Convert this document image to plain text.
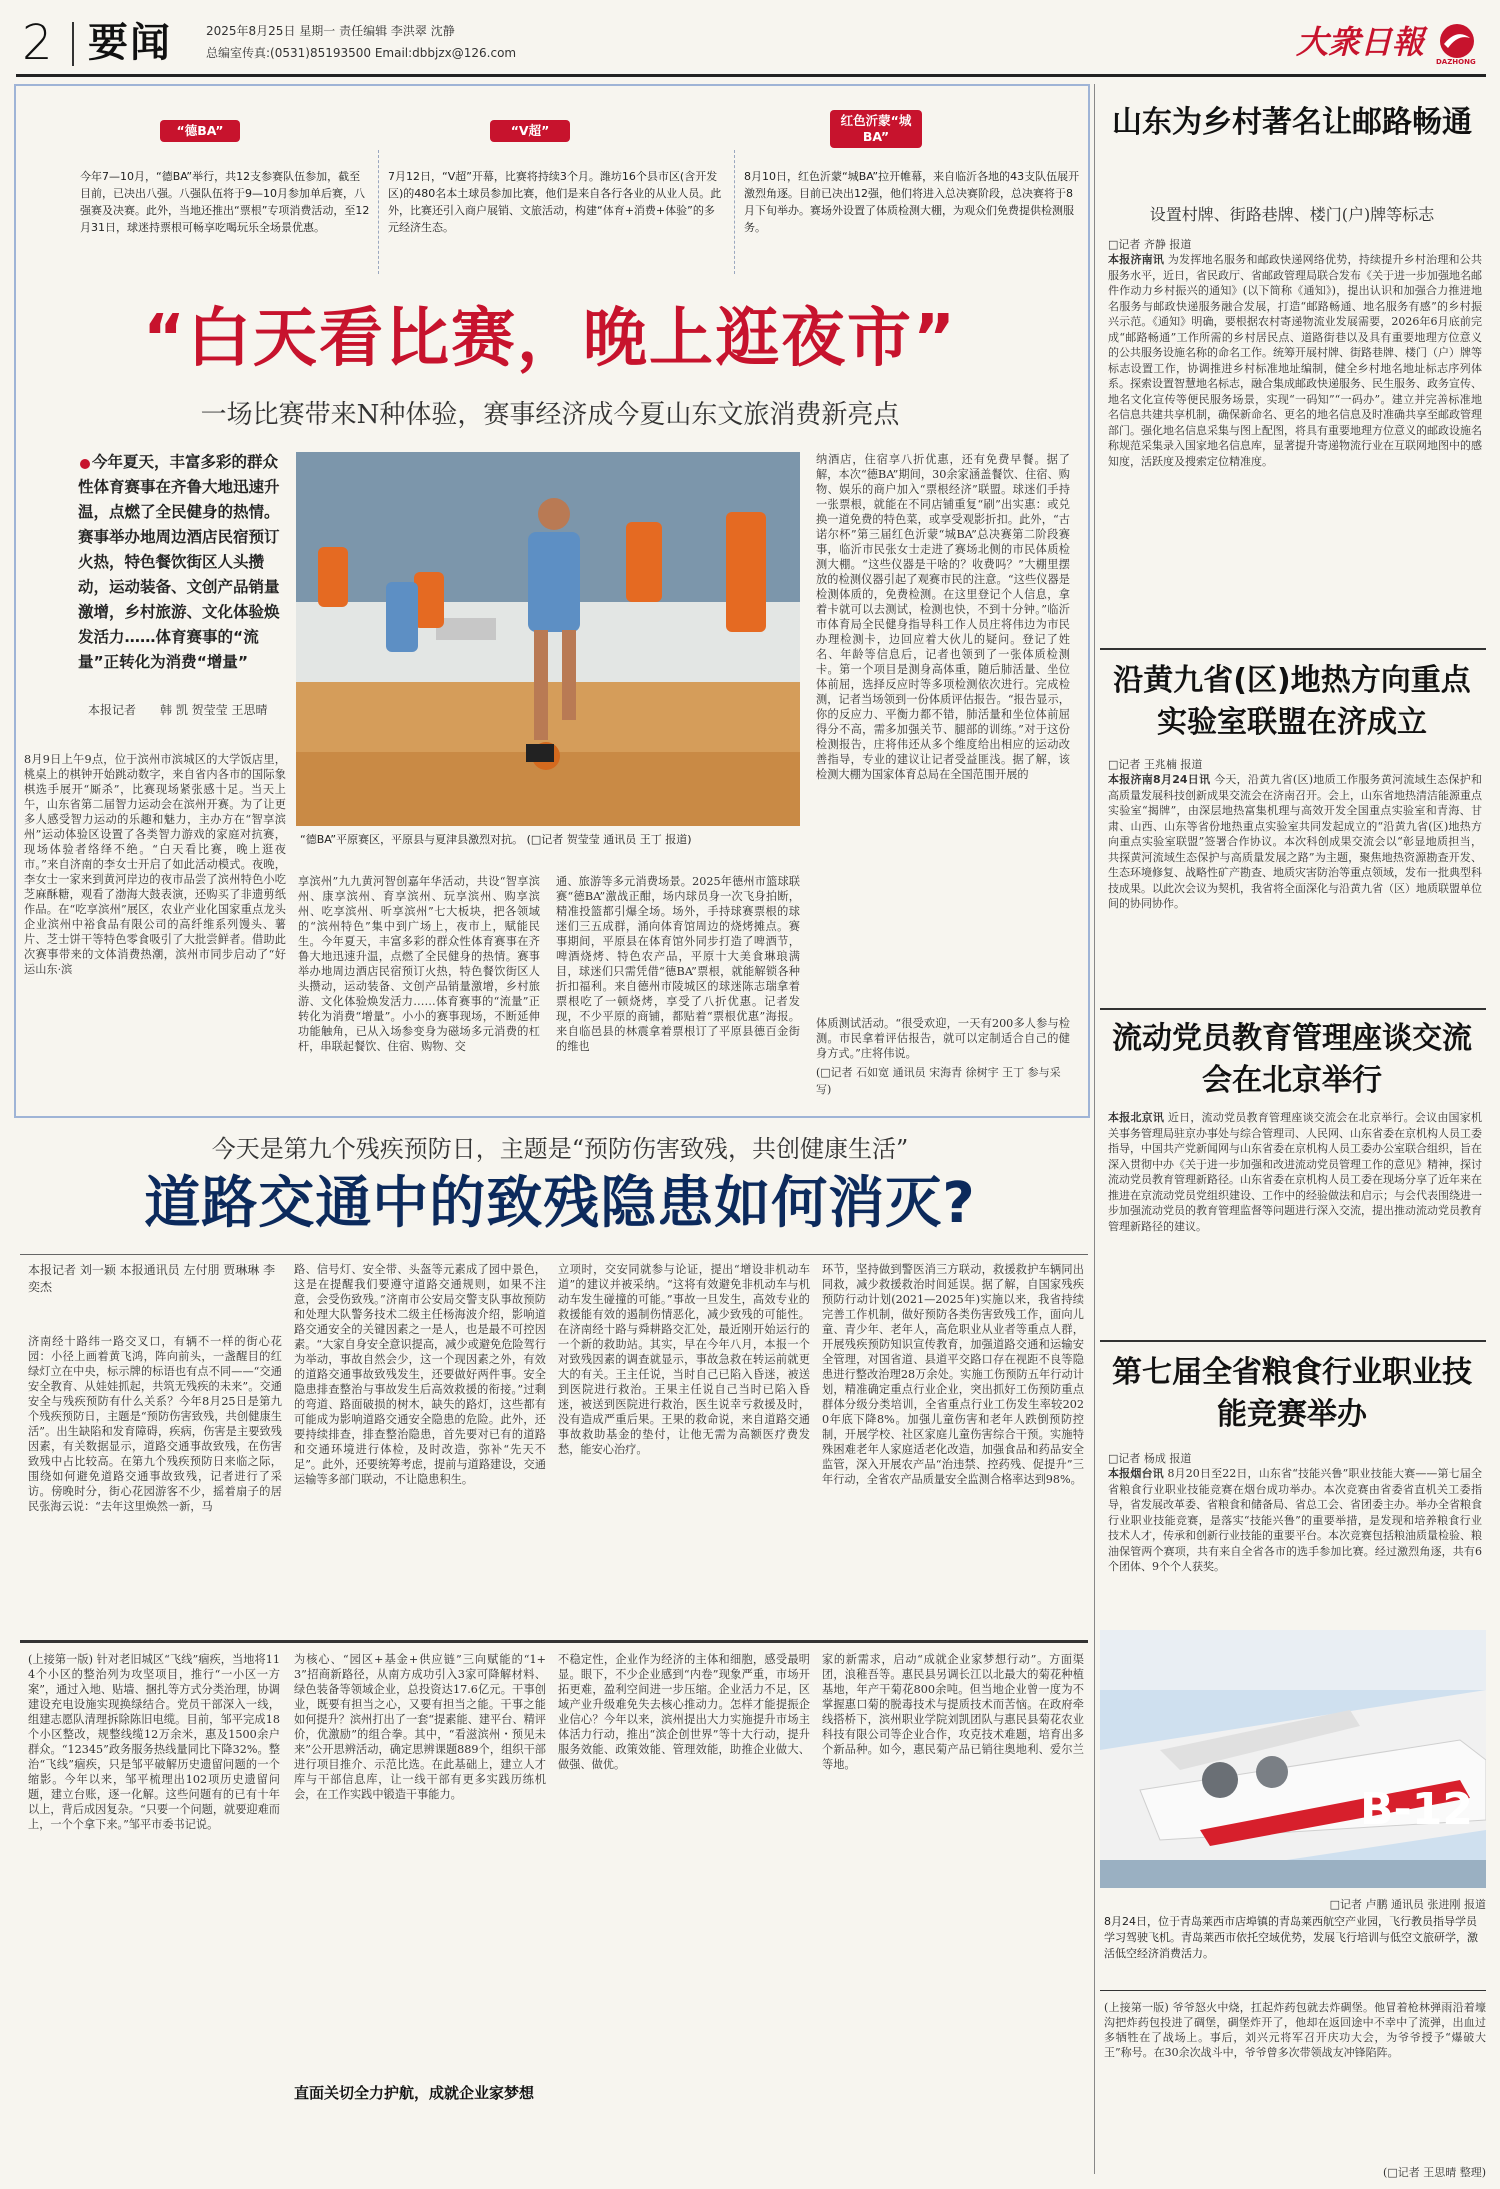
2 要闻	2025年8月25日 星期一 责任编辑 李洪翠 沈静
总编室传真:(0531)85193500 Email:dbbjzx@126.com	大衆日報
DAZHONG
“德BA”	“V超”
红色沂蒙“城BA”
今年7—10月，“德BA”举行，共12支参赛队伍参加，截至目前，已决出八强。八强队伍将于9—10月参加单后赛，八强赛及决赛。此外，当地还推出“票根”专项消费活动，至12月31日，球迷持票根可畅享吃喝玩乐全场景优惠。
7月12日，“V超”开幕，比赛将持续3个月。潍坊16个县市区(含开发区)的480名本土球员参加比赛，他们是来自各行各业的从业人员。此外，比赛还引入商户展销、文旅活动，构建“体育+消费+体验”的多元经济生态。
8月10日，红色沂蒙“城BA”拉开帷幕，来自临沂各地的43支队伍展开激烈角逐。目前已决出12强，他们将进入总决赛阶段，总决赛将于8月下旬举办。赛场外设置了体质检测大棚，为观众们免费提供检测服务。
“白天看比赛，晚上逛夜市”
一场比赛带来N种体验，赛事经济成今夏山东文旅消费新亮点
今年夏天，丰富多彩的群众性体育赛事在齐鲁大地迅速升温，点燃了全民健身的热情。赛事举办地周边酒店民宿预订火热，特色餐饮街区人头攒动，运动装备、文创产品销量激增，乡村旅游、文化体验焕发活力……体育赛事的“流量”正转化为消费“增量”
本报记者	韩 凯 贺莹莹 王思晴
8月9日上午9点，位于滨州市滨城区的大学饭店里，桃桌上的棋钟开始跳动数字，来自省内各市的国际象棋选手展开“厮杀”，比赛现场紧张感十足。当天上午，山东省第二届智力运动会在滨州开赛。为了让更多人感受智力运动的乐趣和魅力，主办方在“智享滨州”运动体验区设置了各类智力游戏的家庭对抗赛，现场体验者络绎不绝。“白天看比赛，晚上逛夜市。”来自济南的李女士开启了如此活动模式。夜晚，李女士一家来到黄河岸边的夜市品尝了滨州特色小吃芝麻酥糖，观看了渤海大鼓表演，还购买了非遗剪纸作品。在“吃享滨州”展区，农业产业化国家重点龙头企业滨州中裕食品有限公司的高纤维系列馒头、薯片、芝士饼干等特色零食吸引了大批尝鲜者。借助此次赛事带来的文体消费热潮，滨州市同步启动了“好运山东·滨
“德BA”平原赛区，平原县与夏津县激烈对抗。 (□记者 贺莹莹 通讯员 王丁 报道)
享滨州”九九黄河智创嘉年华活动，共设“智享滨州、康享滨州、育享滨州、玩享滨州、购享滨州、吃享滨州、听享滨州”七大板块，把各领域的“滨州特色”集中到广场上，夜市上，赋能民生。今年夏天，丰富多彩的群众性体育赛事在齐鲁大地迅速升温，点燃了全民健身的热情。赛事举办地周边酒店民宿预订火热，特色餐饮街区人头攒动，运动装备、文创产品销量激增，乡村旅游、文化体验焕发活力……体育赛事的“流量”正转化为消费“增量”。小小的赛事现场，不断延伸功能触角，已从入场参变身为磁场多元消费的杠杆，串联起餐饮、住宿、购物、交
通、旅游等多元消费场景。2025年德州市篮球联赛“德BA”激战正酣，场内球员身一次飞身拍断，精准投篮都引爆全场。场外，手持球赛票根的球迷们三五成群，涌向体育馆周边的烧烤摊点。赛事期间，平原县在体育馆外同步打造了啤酒节，啤酒烧烤、特色农产品，平原十大美食琳琅满目，球迷们只需凭借“德BA”票根，就能解锁各种折扣福利。来自德州市陵城区的球迷陈志瑞拿着票根吃了一顿烧烤，享受了八折优惠。记者发现，不少平原的商铺，都贴着“票根优惠”海报。来自临邑县的林震拿着票根订了平原县德百金街的维也
纳酒店，住宿享八折优惠，还有免费早餐。据了解，本次“德BA”期间，30余家涵盖餐饮、住宿、购物、娱乐的商户加入“票根经济”联盟。球迷们手持一张票根，就能在不同店铺重复“刷”出实惠：或兑换一道免费的特色菜，或享受观影折扣。此外，“古诺尔杯”第三届红色沂蒙“城BA”总决赛第二阶段赛事，临沂市民张女士走进了赛场北侧的市民体质检测大棚。“这些仪器是干啥的？收费吗？”大棚里摆放的检测仪器引起了观赛市民的注意。“这些仪器是检测体质的，免费检测。在这里登记个人信息，拿着卡就可以去测试，检测也快，不到十分钟。”临沂市体育局全民健身指导科工作人员庄将伟边为市民办理检测卡，边回应着大伙儿的疑问。登记了姓名、年龄等信息后，记者也领到了一张体质检测卡。第一个项目是测身高体重，随后肺活量、坐位体前屈，选择反应时等多项检测依次进行。完成检测，记者当场领到一份体质评估报告。“报告显示，你的反应力、平衡力都不错，肺活量和坐位体前屈得分不高，需多加强关节、腿部的训练。”对于这份检测报告，庄将伟还从多个维度给出相应的运动改善指导，专业的建议让记者受益匪浅。据了解，该检测大棚为国家体育总局在全国范围开展的
体质测试活动。“很受欢迎，一天有200多人参与检测。市民拿着评估报告，就可以定制适合自己的健身方式。”庄将伟说。
(□记者 石如宽 通讯员 宋海青 徐树宇 王丁 参与采写)
山东为乡村著名让邮路畅通
设置村牌、街路巷牌、楼门(户)牌等标志
□记者 齐静 报道
本报济南讯 为发挥地名服务和邮政快递网络优势，持续提升乡村治理和公共服务水平，近日，省民政厅、省邮政管理局联合发布《关于进一步加强地名邮件作动力乡村振兴的通知》(以下简称《通知》)，提出认识和加强合力推进地名服务与邮政快递服务融合发展，打造“邮路畅通、地名服务有感”的乡村振兴示范。《通知》明确，要根据农村寄递物流业发展需要，2026年6月底前完成“邮路畅通”工作所需的乡村居民点、道路街巷以及具有重要地理方位意义的公共服务设施名称的命名工作。统筹开展村牌、街路巷牌、楼门（户）牌等标志设置工作，协调推进乡村标准地址编制，健全乡村地名地址标志序列体系。探索设置智慧地名标志，融合集成邮政快递服务、民生服务、政务宣传、地名文化宣传等便民服务场景，实现“一码知”“一码办”。建立并完善标准地名信息共建共享机制，确保新命名、更名的地名信息及时准确共享至邮政管理部门。强化地名信息采集与图上配图，将具有重要地理方位意义的邮政设施名称规范采集录入国家地名信息库，显著提升寄递物流行业在互联网地图中的感知度，活跃度及搜索定位精准度。
沿黄九省(区)地热方向重点实验室联盟在济成立
□记者 王兆楠 报道
本报济南8月24日讯 今天，沿黄九省(区)地质工作服务黄河流域生态保护和高质量发展科技创新成果交流会在济南召开。会上，山东省地热清洁能源重点实验室“揭牌”，由深层地热富集机理与高效开发全国重点实验室和青海、甘肃、山西、山东等省份地热重点实验室共同发起成立的“沿黄九省(区)地热方向重点实验室联盟”签署合作协议。本次科创成果交流会以“彰显地质担当，共探黄河流域生态保护与高质量发展之路”为主题，聚焦地热资源勘查开发、生态环境修复、战略性矿产勘查、地质灾害防治等重点领域，发布一批典型科技成果。以此次会议为契机，我省将全面深化与沿黄九省（区）地质联盟单位间的协同协作。
流动党员教育管理座谈交流会在北京举行
本报北京讯 近日，流动党员教育管理座谈交流会在北京举行。会议由国家机关事务管理局驻京办事处与综合管理司、人民网、山东省委在京机构人员工委指导，中国共产党新闻网与山东省委在京机构人员工委办公室联合组织，旨在深入贯彻中办《关于进一步加强和改进流动党员管理工作的意见》精神，探讨流动党员教育管理新路径。山东省委在京机构人员工委在现场分享了近年来在推进在京流动党员党组织建设、工作中的经验做法和启示；与会代表围绕进一步加强流动党员的教育管理监督等问题进行深入交流，提出推动流动党员教育管理新路径的建议。
第七届全省粮食行业职业技能竞赛举办
□记者 杨成 报道
本报烟台讯 8月20日至22日，山东省“技能兴鲁”职业技能大赛——第七届全省粮食行业职业技能竞赛在烟台成功举办。本次竞赛由省委省直机关工委指导，省发展改革委、省粮食和储备局、省总工会、省团委主办。举办全省粮食行业职业技能竞赛，是落实“技能兴鲁”的重要举措，是发现和培养粮食行业技术人才，传承和创新行业技能的重要平台。本次竞赛包括粮油质量检验、粮油保管两个赛项，共有来自全省各市的选手参加比赛。经过激烈角逐，共有6个团体、9个个人获奖。
B-12
□记者 卢鹏 通讯员 张进刚 报道
8月24日，位于青岛莱西市店埠镇的青岛莱西航空产业园，飞行教员指导学员学习驾驶飞机。青岛莱西市依托空域优势，发展飞行培训与低空文旅研学，激活低空经济消费活力。
(上接第一版) 爷爷怒火中烧，扛起炸药包就去炸碉堡。他冒着枪林弹雨沿着壕沟把炸药包投进了碉堡，碉堡炸开了，他却在返回途中不幸中了流弹，出血过多牺牲在了战场上。事后，刘兴元将军召开庆功大会，为爷爷授予“爆破大王”称号。在30余次战斗中，爷爷曾多次带领战友冲锋陷阵。
(□记者 王思晴 整理)
今天是第九个残疾预防日，主题是“预防伤害致残，共创健康生活”
道路交通中的致残隐患如何消灭?
本报记者 刘一颖 本报通讯员 左付朋 贾琳琳 李奕杰
济南经十路纬一路交叉口，有辆不一样的街心花园：小径上画着黄飞鸿，阵向前头，一盏醒目的红绿灯立在中央，标示牌的标语也有点不同——“交通安全教育、从娃娃抓起，共筑无残疾的未来”。交通安全与残疾预防有什么关系？今年8月25日是第九个残疾预防日，主题是“预防伤害致残，共创健康生活”。出生缺陷和发育障碍，疾病，伤害是主要致残因素，有关数据显示，道路交通事故致残，在伤害致残中占比较高。在第九个残疾预防日来临之际，围绕如何避免道路交通事故致残，记者进行了采访。傍晚时分，街心花园游客不少，摇着扇子的居民张海云说：“去年这里焕然一新，马
路、信号灯、安全带、头盔等元素成了园中景色，这是在提醒我们要遵守道路交通规则，如果不注意，会受伤致残。”济南市公安局交警支队事故预防和处理大队警务技术二级主任杨海波介绍，影响道路交通安全的关键因素之一是人，也是最不可控因素。“大家自身安全意识提高，减少或避免危险驾行为举动，事故自然会少，这一个现因素之外，有效的道路交通事故致残发生，还要做好两件事。安全隐患排查整治与事故发生后高效救援的衔接。”过剩的弯道、路面破损的树木，缺失的路灯，这些都有可能成为影响道路交通安全隐患的危险。此外，还要持续排查，排查整治隐患，首先要对已有的道路和交通环境进行体检，及时改造，弥补“先天不足”。此外，还要统筹考虑，提前与道路建设，交通运输等多部门联动，不让隐患积生。
立项时，交安同就参与论证，提出“增设非机动车道”的建议并被采纳。“这将有效避免非机动车与机动车发生碰撞的可能。”事故一旦发生，高效专业的救援能有效的遏制伤情恶化，减少致残的可能性。在济南经十路与舜耕路交汇处，最近刚开始运行的一个新的救助站。其实，早在今年八月，本报一个对致残因素的调查就显示，事故急救在转运前就更大的有关。王主任说，当时自己已陷入昏迷，被送到医院进行救治。王果主任说自己当时已陷入昏迷，被送到医院进行救治，医生说幸亏救援及时，没有造成严重后果。王果的救命说，来自道路交通事故救助基金的垫付，让他无需为高额医疗费发愁，能安心治疗。
环节，坚持做到警医消三方联动，救援救护车辆同出同救，减少救援救治时间延误。据了解，自国家残疾预防行动计划(2021—2025年)实施以来，我省持续完善工作机制，做好预防各类伤害致残工作，面向儿童、青少年、老年人，高危职业从业者等重点人群，开展残疾预防知识宣传教育，加强道路交通和运输安全管理，对国省道、县道平交路口存在视距不良等隐患进行整改治理28万余处。实施工伤预防五年行动计划，精准确定重点行业企业，突出抓好工伤预防重点群体分级分类培训，全省重点行业工伤发生率较2020年底下降8%。加强儿童伤害和老年人跌倒预防控制，开展学校、社区家庭儿童伤害综合干预。实施特殊困难老年人家庭适老化改造，加强食品和药品安全监管，深入开展农产品“治违禁、控药残、促提升”三年行动，全省农产品质量安全监测合格率达到98%。
(上接第一版) 针对老旧城区“飞线”痼疾，当地将114个小区的整治列为攻坚项目，推行“一小区一方案”，通过入地、贴墙、捆扎等方式分类治理，协调建设充电设施实现换绿结合。党员干部深入一线，组建志愿队清理拆除陈旧电缆。目前，邹平完成18个小区整改，规整线缆12万余米，惠及1500余户群众。“12345”政务服务热线量同比下降32%。整治“飞线”痼疾，只是邹平破解历史遗留问题的一个缩影。今年以来，邹平梳理出102项历史遗留问题，建立台账，逐一化解。这些问题有的已有十年以上，背后成因复杂。“只要一个问题，就要迎难而上，一个个拿下来。”邹平市委书记说。
为核心、“园区+基金+供应链”三向赋能的“1+3”招商新路径，从南方成功引入3家可降解材料、绿色装备等领域企业，总投资达17.6亿元。干事创业，既要有担当之心，又要有担当之能。干事之能如何提升？滨州打出了一套“提素能、建平台、精评价，优激励”的组合拳。其中，“看滋滨州・预见未来”公开思辨活动，确定思辨课题889个，组织干部进行项目推介、示范比选。在此基础上，建立人才库与干部信息库，让一线干部有更多实践历练机会，在工作实践中锻造干事能力。
直面关切全力护航，成就企业家梦想
不稳定性，企业作为经济的主体和细胞，感受最明显。眼下，不少企业感到“内卷”现象严重，市场开拓更难，盈利空间进一步压缩。企业活力不足，区域产业升级难免失去核心推动力。怎样才能提振企业信心？今年以来，滨州提出大力实施提升市场主体活力行动，推出“滨企创世界”等十大行动，提升服务效能、政策效能、管理效能，助推企业做大、做强、做优。
家的新需求，启动“成就企业家梦想行动”。方面渠团，浪稚吾等。惠民县另调长江以北最大的菊花种植基地，年产干菊花800余吨。但当地企业曾一度为不掌握惠口菊的脱毒技术与提质技术而苦恼。在政府牵线搭桥下，滨州职业学院刘凯团队与惠民县菊花农业科技有限公司等企业合作，攻克技术难题，培育出多个新品种。如今，惠民菊产品已销往奥地利、爱尔兰等地。
